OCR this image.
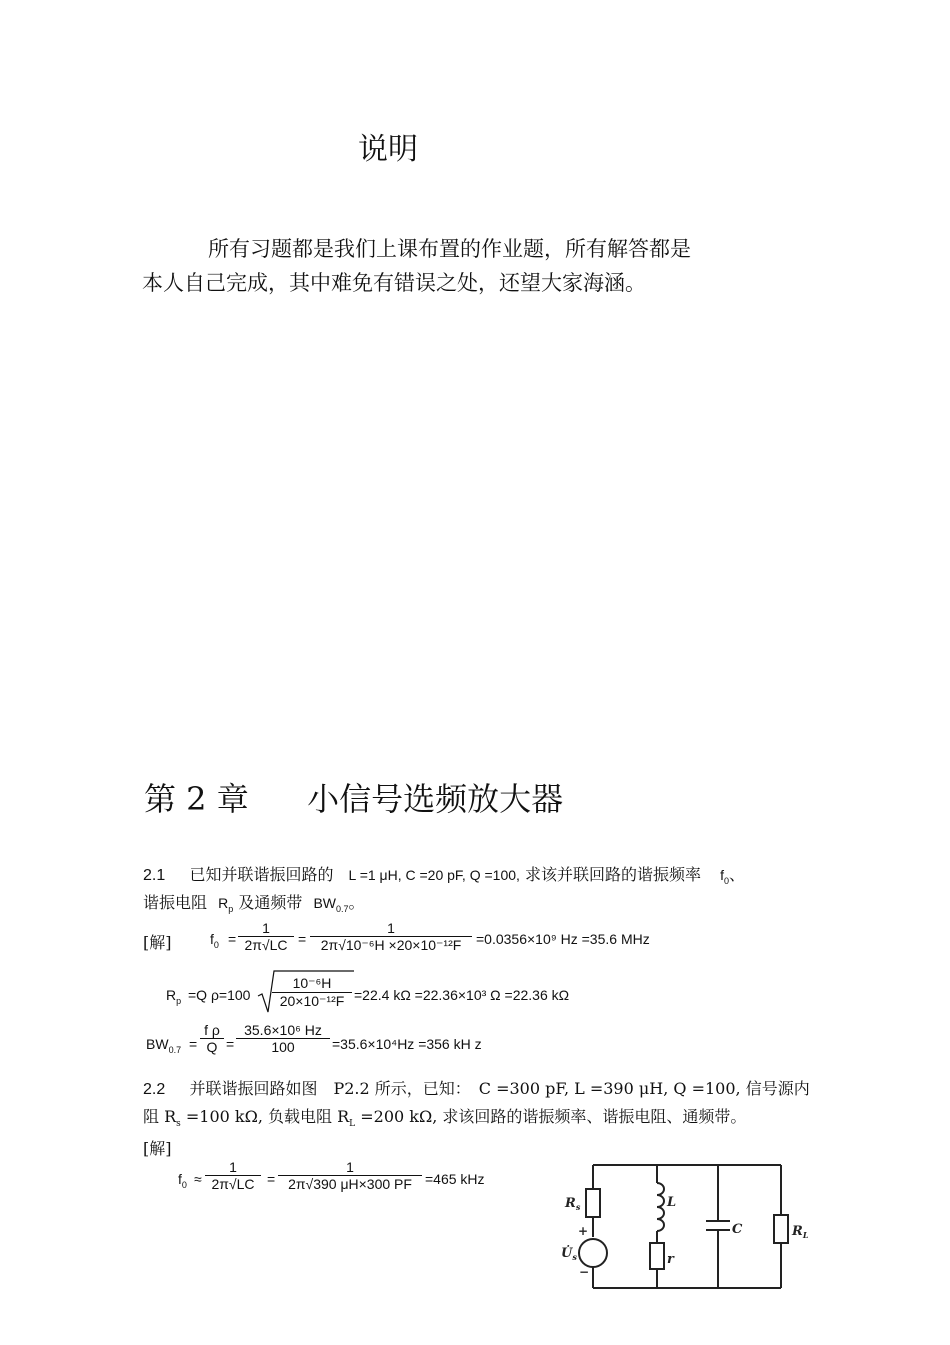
说明
所有习题都是我们上课布置的作业题，所有解答都是
本人自己完成，其中难免有错误之处，还望大家海涵。
第 2 章 小信号选频放大器
2.1 已知并联谐振回路的 L =1 μH, C =20 pF, Q =100, 求该并联回路的谐振频率 $f_0$、
谐振电阻 $R_p$ 及通频带 $BW_{0.7}$。
[解]	$f_0 = \frac{1}{2\pi√LC} = \frac{1}{\text{2π√10⁻⁶H ×20×10⁻¹²F}} =0.0356\times 10^9$ Hz =35.6 MHz
$R_p =Q$ $\rho=100 \frac{\text{10⁻⁶H}}{\text{20×10⁻¹²F}} =22.4$ kΩ =22.36×10³ Ω =22.36 kΩ
$BW_{0.7} = \frac{\text{f ρ}}{Q} = \frac{\text{35.6×10⁶ Hz}}{100} =35.6\times 10^4Hz =356$ kH z
2.2 并联谐振回路如图　P2.2 所示，已知：　C =300 pF, L =390 μH, Q =100, 信号源内
阻 $R_s =100$ kΩ, 负载电阻 $R_L =200$ kΩ, 求该回路的谐振频率、谐振电阻、通频带。
[解]
$f_0 \approx \frac{1}{2\pi√LC} = \frac{1}{2\pi√390 \mu H\times 300 PF} =465$ kHz
$R_s$
+
$U̇_s$
−
L
r
C	$R_L$
